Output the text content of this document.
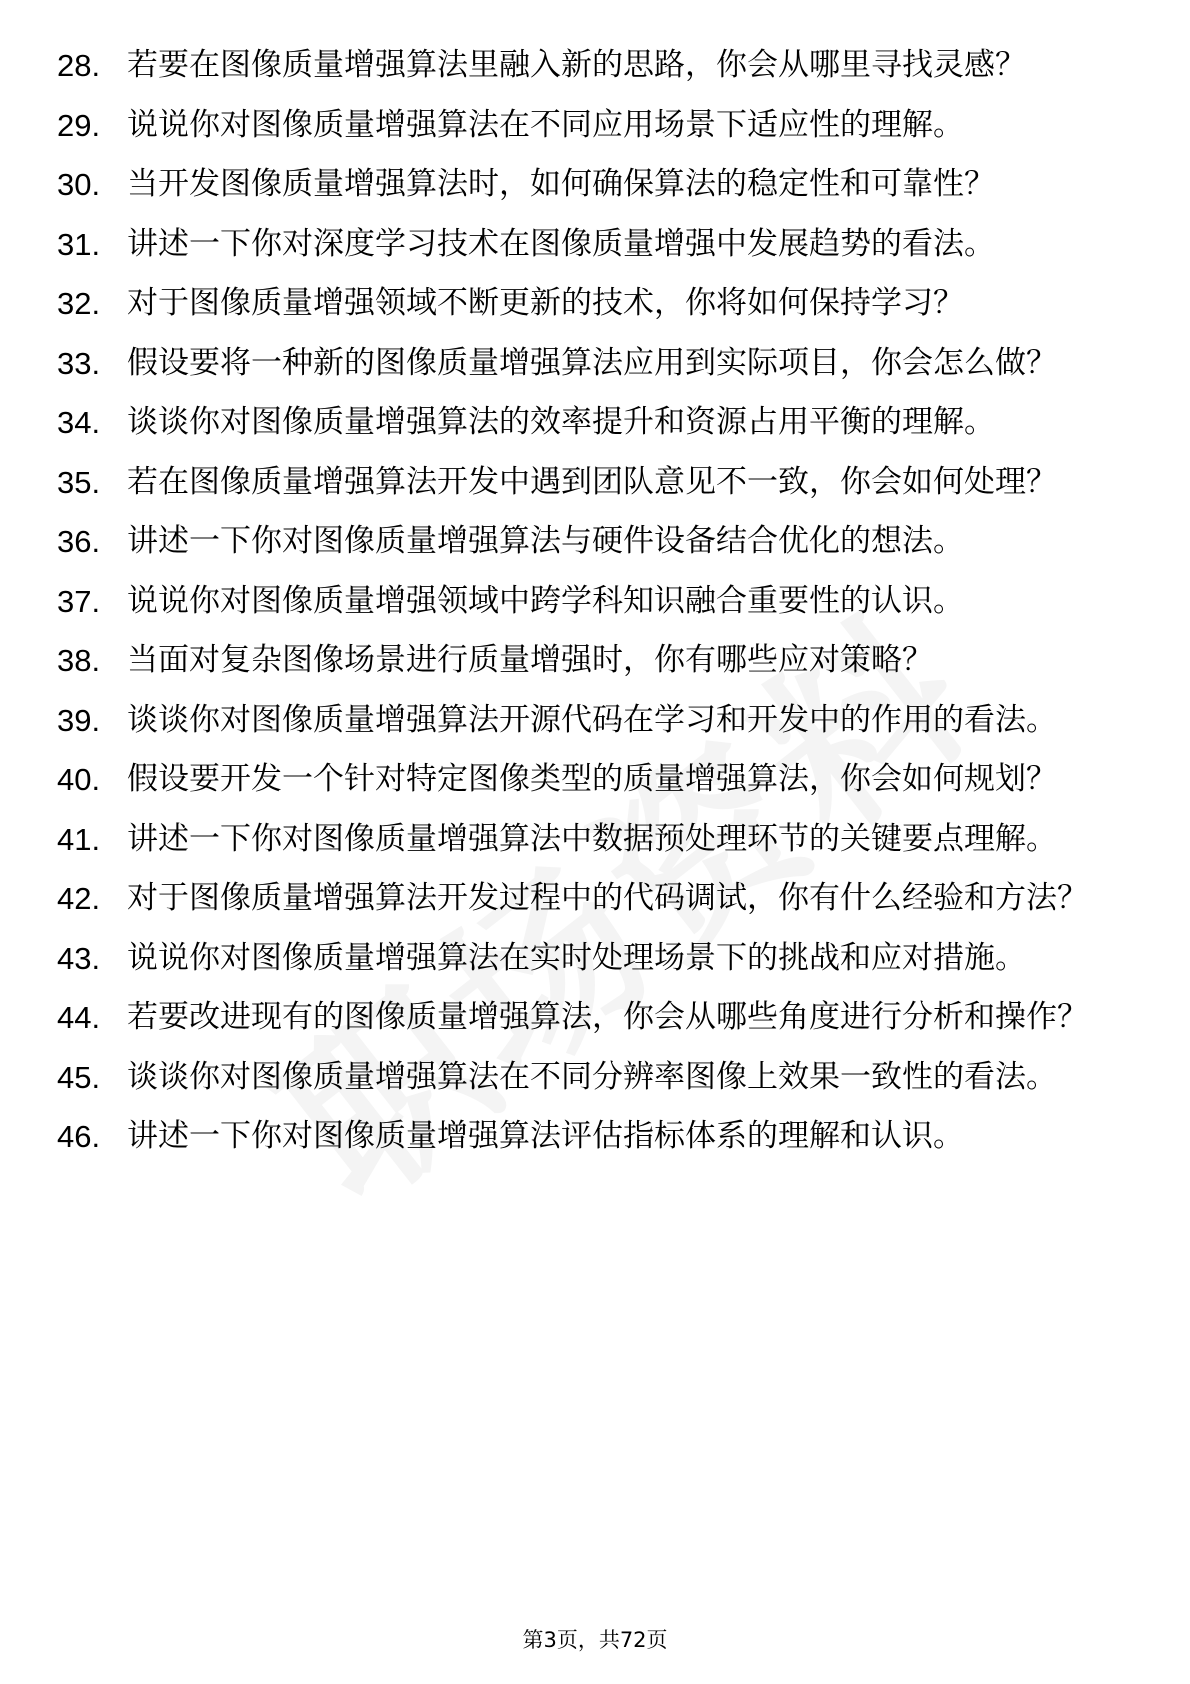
28. 若要在图像质量增强算法里融入新的思路，你会从哪里寻找灵感？
29. 说说你对图像质量增强算法在不同应用场景下适应性的理解。
30. 当开发图像质量增强算法时，如何确保算法的稳定性和可靠性？
31. 讲述一下你对深度学习技术在图像质量增强中发展趋势的看法。
32. 对于图像质量增强领域不断更新的技术，你将如何保持学习？
33. 假设要将一种新的图像质量增强算法应用到实际项目，你会怎么做？
34. 谈谈你对图像质量增强算法的效率提升和资源占用平衡的理解。
35. 若在图像质量增强算法开发中遇到团队意见不一致，你会如何处理？
36. 讲述一下你对图像质量增强算法与硬件设备结合优化的想法。
37. 说说你对图像质量增强领域中跨学科知识融合重要性的认识。
38. 当面对复杂图像场景进行质量增强时，你有哪些应对策略？
39. 谈谈你对图像质量增强算法开源代码在学习和开发中的作用的看法。
40. 假设要开发一个针对特定图像类型的质量增强算法，你会如何规划？
41. 讲述一下你对图像质量增强算法中数据预处理环节的关键要点理解。
42. 对于图像质量增强算法开发过程中的代码调试，你有什么经验和方法？
43. 说说你对图像质量增强算法在实时处理场景下的挑战和应对措施。
44. 若要改进现有的图像质量增强算法，你会从哪些角度进行分析和操作？
45. 谈谈你对图像质量增强算法在不同分辨率图像上效果一致性的看法。
46. 讲述一下你对图像质量增强算法评估指标体系的理解和认识。
第3页，共72页
